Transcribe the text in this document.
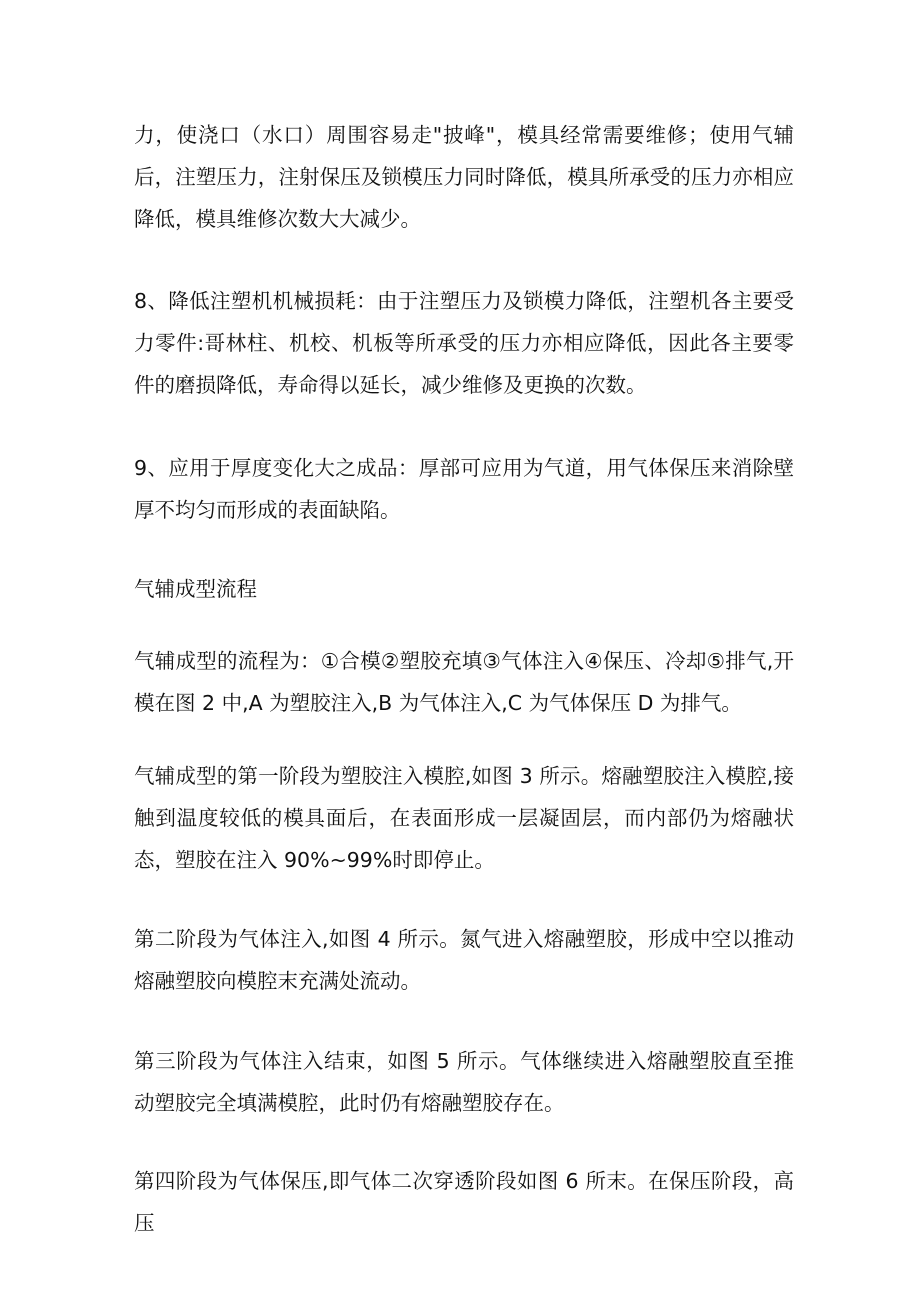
力，使浇口（水口）周围容易走"披峰"，模具经常需要维修；使用气辅后，注塑压力，注射保压及锁模压力同时降低，模具所承受的压力亦相应降低，模具维修次数大大减少。

8、降低注塑机机械损耗：由于注塑压力及锁模力降低，注塑机各主要受力零件:哥林柱、机校、机板等所承受的压力亦相应降低，因此各主要零件的磨损降低，寿命得以延长，减少维修及更换的次数。

9、应用于厚度变化大之成品：厚部可应用为气道，用气体保压来消除壁厚不均匀而形成的表面缺陷。

气辅成型流程

气辅成型的流程为：①合模②塑胶充填③气体注入④保压、冷却⑤排气,开模在图 2 中,A 为塑胶注入,B 为气体注入,C 为气体保压 D 为排气。

气辅成型的第一阶段为塑胶注入模腔,如图 3 所示。熔融塑胶注入模腔,接触到温度较低的模具面后，在表面形成一层凝固层，而内部仍为熔融状态，塑胶在注入 90%~99%时即停止。

第二阶段为气体注入,如图 4 所示。氮气进入熔融塑胶，形成中空以推动熔融塑胶向模腔末充满处流动。

第三阶段为气体注入结束，如图 5 所示。气体继续进入熔融塑胶直至推动塑胶完全填满模腔，此时仍有熔融塑胶存在。

第四阶段为气体保压,即气体二次穿透阶段如图 6 所末。在保压阶段，高压
